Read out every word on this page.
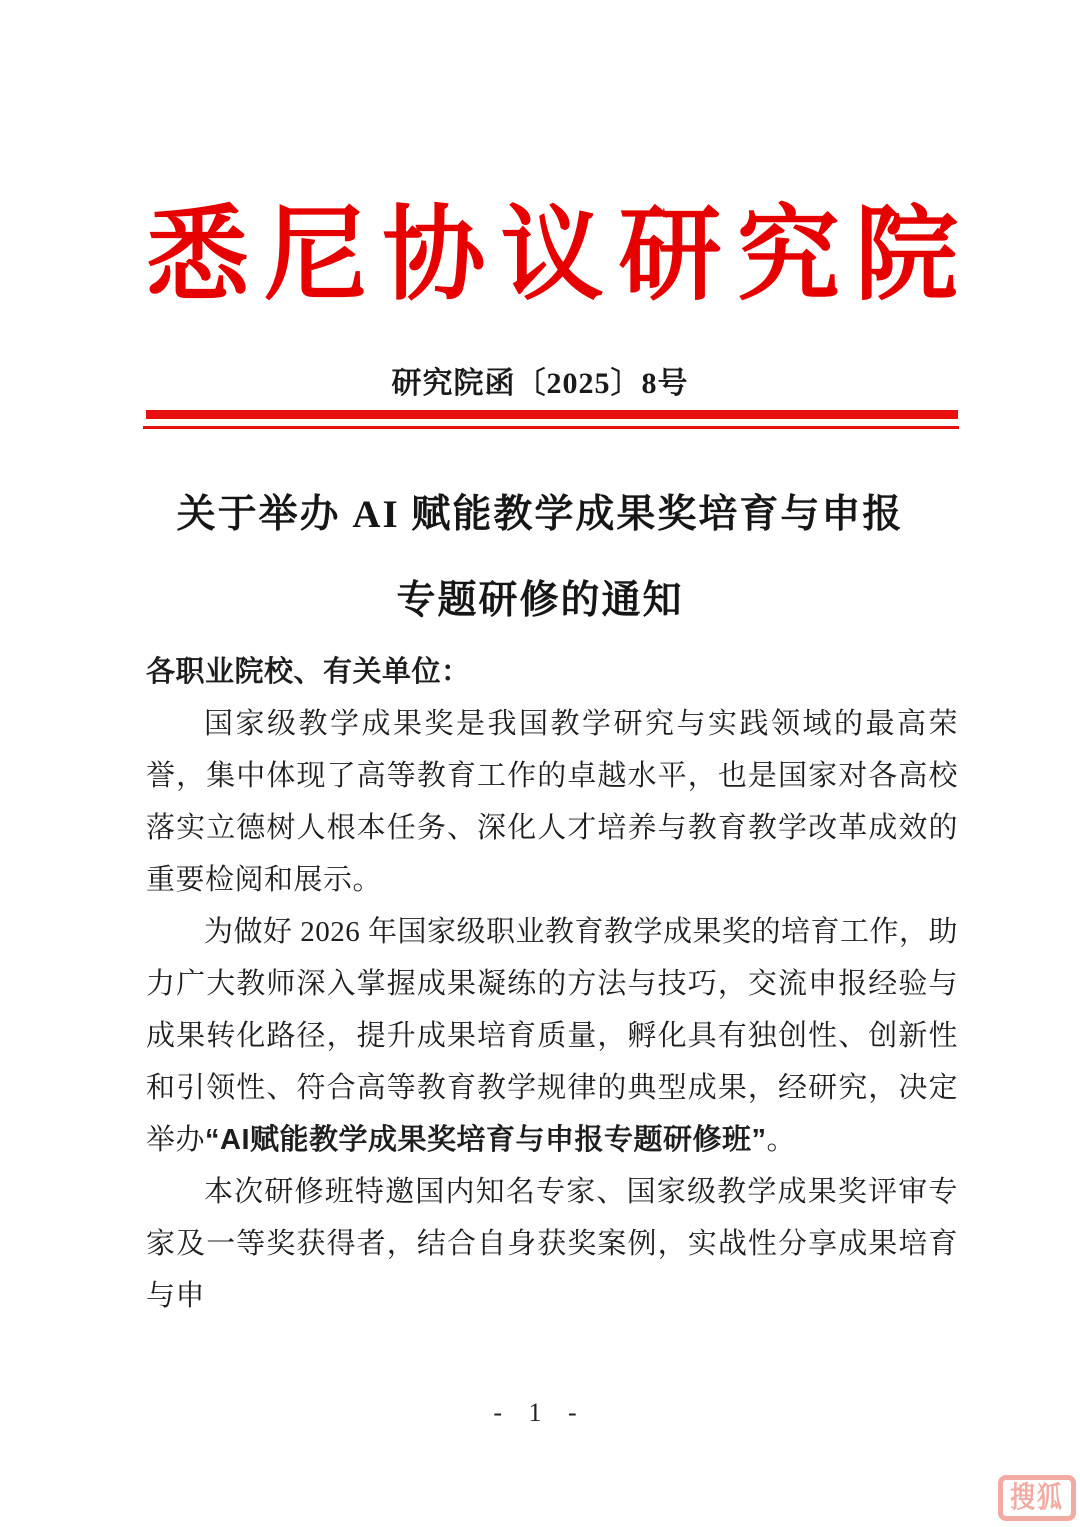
悉尼协议研究院
研究院函〔2025〕8号
关于举办 AI 赋能教学成果奖培育与申报
专题研修的通知

各职业院校、有关单位：

国家级教学成果奖是我国教学研究与实践领域的最高荣誉，集中体现了高等教育工作的卓越水平，也是国家对各高校落实立德树人根本任务、深化人才培养与教育教学改革成效的重要检阅和展示。

为做好 2026 年国家级职业教育教学成果奖的培育工作，助力广大教师深入掌握成果凝练的方法与技巧，交流申报经验与成果转化路径，提升成果培育质量，孵化具有独创性、创新性和引领性、符合高等教育教学规律的典型成果，经研究，决定举办“AI赋能教学成果奖培育与申报专题研修班”。

本次研修班特邀国内知名专家、国家级教学成果奖评审专家及一等奖获得者，结合自身获奖案例，实战性分享成果培育与申

- 1 -
搜狐
